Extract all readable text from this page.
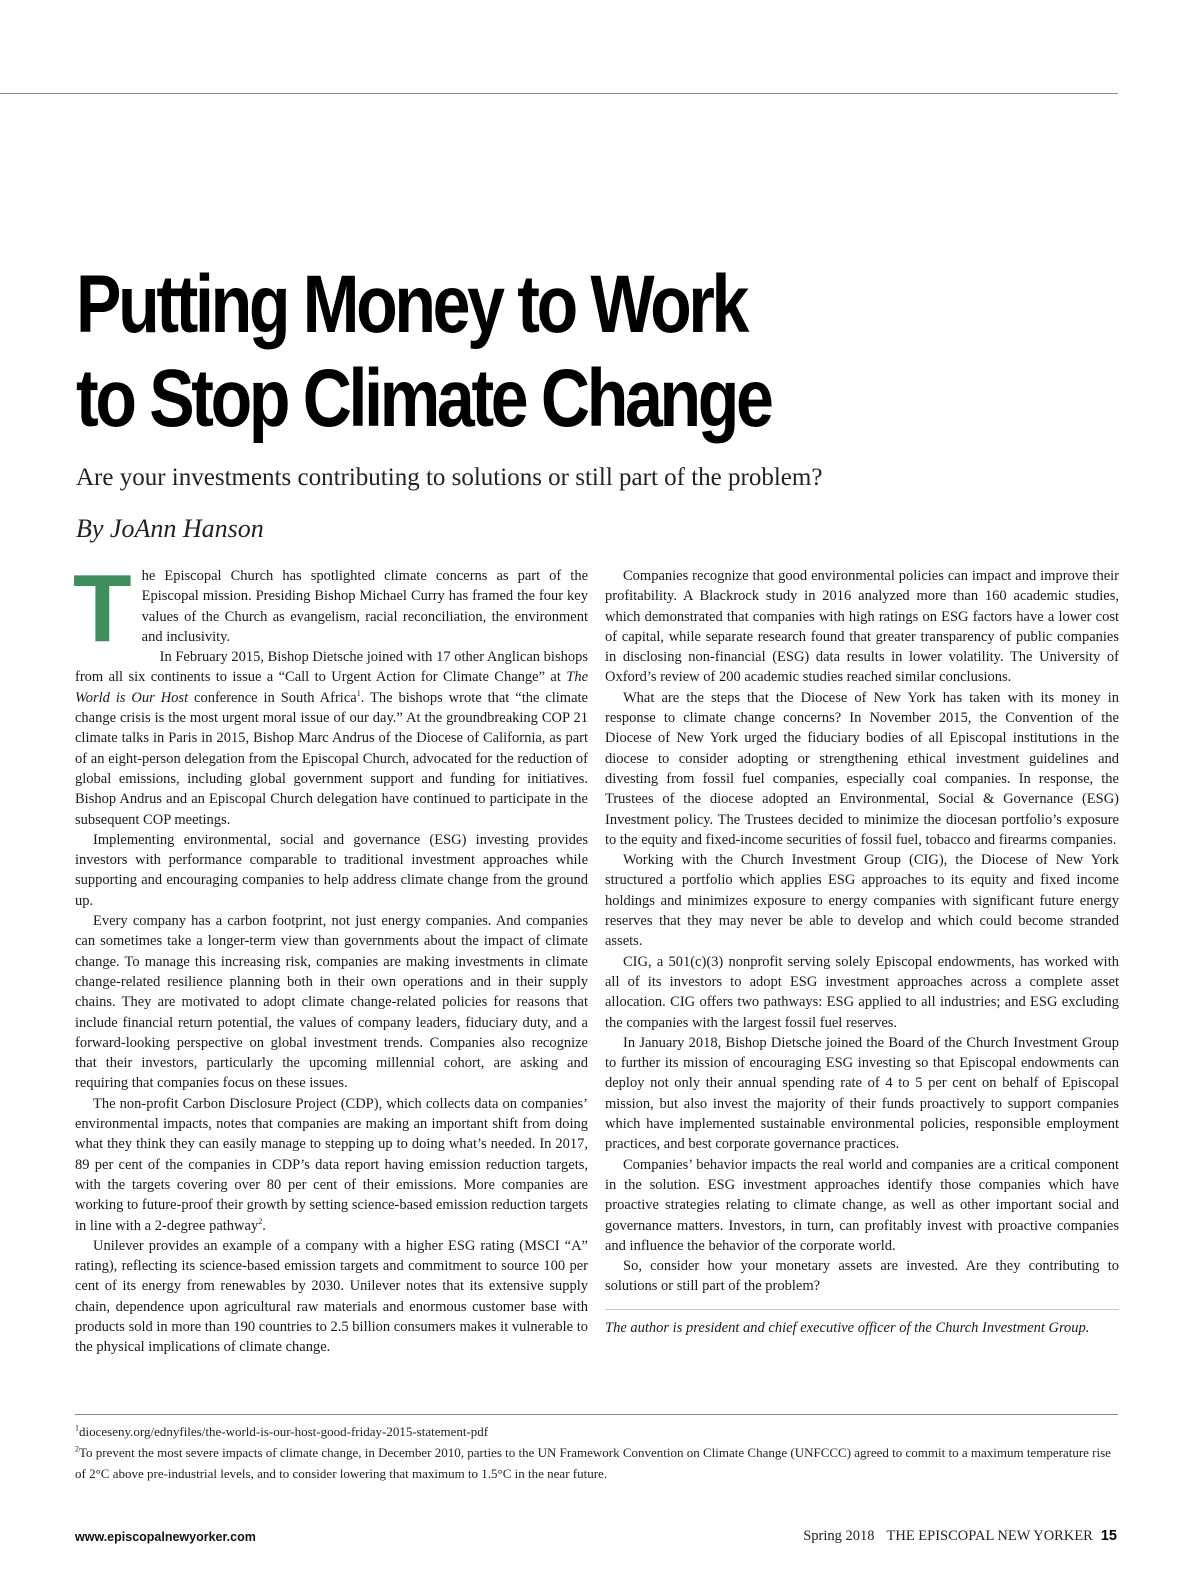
Putting Money to Work
to Stop Climate Change

Are your investments contributing to solutions or still part of the problem?

By JoAnn Hanson

The Episcopal Church has spotlighted climate concerns as part of the Episcopal mission. Presiding Bishop Michael Curry has framed the four key values of the Church as evangelism, racial reconciliation, the environment and inclusivity.

In February 2015, Bishop Dietsche joined with 17 other Anglican bishops from all six continents to issue a “Call to Urgent Action for Climate Change” at The World is Our Host conference in South Africa$^1$. The bishops wrote that “the climate change crisis is the most urgent moral issue of our day.” At the groundbreaking COP 21 climate talks in Paris in 2015, Bishop Marc Andrus of the Diocese of California, as part of an eight-person delegation from the Episcopal Church, advocated for the reduction of global emissions, including global government support and funding for initiatives. Bishop Andrus and an Episcopal Church delegation have continued to participate in the subsequent COP meetings.

Implementing environmental, social and governance (ESG) investing provides investors with performance comparable to traditional investment approaches while supporting and encouraging companies to help address climate change from the ground up.

Every company has a carbon footprint, not just energy companies. And companies can sometimes take a longer-term view than governments about the impact of climate change. To manage this increasing risk, companies are making investments in climate change-related resilience planning both in their own operations and in their supply chains. They are motivated to adopt climate change-related policies for reasons that include financial return potential, the values of company leaders, fiduciary duty, and a forward-looking perspective on global investment trends. Companies also recognize that their investors, particularly the upcoming millennial cohort, are asking and requiring that companies focus on these issues.

The non-profit Carbon Disclosure Project (CDP), which collects data on companies’ environmental impacts, notes that companies are making an important shift from doing what they think they can easily manage to stepping up to doing what’s needed. In 2017, 89 per cent of the companies in CDP’s data report having emission reduction targets, with the targets covering over 80 per cent of their emissions. More companies are working to future-proof their growth by setting science-based emission reduction targets in line with a 2-degree pathway$^2$.

Unilever provides an example of a company with a higher ESG rating (MSCI “A” rating), reflecting its science-based emission targets and commitment to source 100 per cent of its energy from renewables by 2030. Unilever notes that its extensive supply chain, dependence upon agricultural raw materials and enormous customer base with products sold in more than 190 countries to 2.5 billion consumers makes it vulnerable to the physical implications of climate change.

Companies recognize that good environmental policies can impact and improve their profitability. A Blackrock study in 2016 analyzed more than 160 academic studies, which demonstrated that companies with high ratings on ESG factors have a lower cost of capital, while separate research found that greater transparency of public companies in disclosing non-financial (ESG) data results in lower volatility. The University of Oxford’s review of 200 academic studies reached similar conclusions.

What are the steps that the Diocese of New York has taken with its money in response to climate change concerns? In November 2015, the Convention of the Diocese of New York urged the fiduciary bodies of all Episcopal institutions in the diocese to consider adopting or strengthening ethical investment guidelines and divesting from fossil fuel companies, especially coal companies. In response, the Trustees of the diocese adopted an Environmental, Social & Governance (ESG) Investment policy. The Trustees decided to minimize the diocesan portfolio’s exposure to the equity and fixed-income securities of fossil fuel, tobacco and firearms companies.

Working with the Church Investment Group (CIG), the Diocese of New York structured a portfolio which applies ESG approaches to its equity and fixed income holdings and minimizes exposure to energy companies with significant future energy reserves that they may never be able to develop and which could become stranded assets.

CIG, a 501(c)(3) nonprofit serving solely Episcopal endowments, has worked with all of its investors to adopt ESG investment approaches across a complete asset allocation. CIG offers two pathways: ESG applied to all industries; and ESG excluding the companies with the largest fossil fuel reserves.

In January 2018, Bishop Dietsche joined the Board of the Church Investment Group to further its mission of encouraging ESG investing so that Episcopal endowments can deploy not only their annual spending rate of 4 to 5 per cent on behalf of Episcopal mission, but also invest the majority of their funds proactively to support companies which have implemented sustainable environmental policies, responsible employment practices, and best corporate governance practices.

Companies’ behavior impacts the real world and companies are a critical component in the solution. ESG investment approaches identify those companies which have proactive strategies relating to climate change, as well as other important social and governance matters. Investors, in turn, can profitably invest with proactive companies and influence the behavior of the corporate world.

So, consider how your monetary assets are invested. Are they contributing to solutions or still part of the problem?

The author is president and chief executive officer of the Church Investment Group.

$^1$dioceseny.org/ednyfiles/the-world-is-our-host-good-friday-2015-statement-pdf

$^2$To prevent the most severe impacts of climate change, in December 2010, parties to the UN Framework Convention on Climate Change (UNFCCC) agreed to commit to a maximum temperature rise of 2°C above pre-industrial levels, and to consider lowering that maximum to 1.5°C in the near future.

www.episcopalnewyorker.com	Spring 2018 THE EPISCOPAL NEW YORKER 15
